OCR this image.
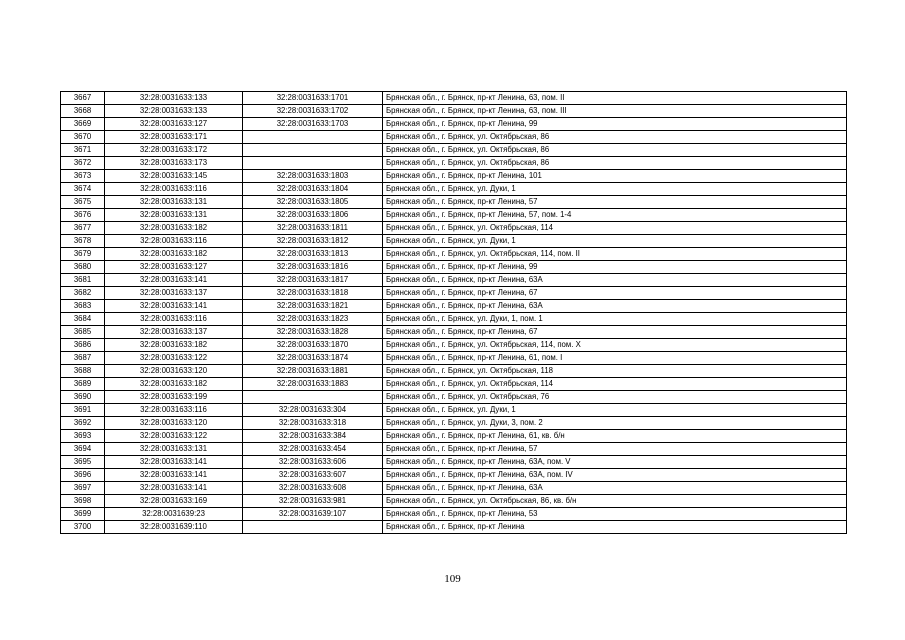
3667	32:28:0031633:133	32:28:0031633:1701	Брянская обл., г. Брянск, пр-кт Ленина, 63, пом. II
3668	32:28:0031633:133	32:28:0031633:1702	Брянская обл., г. Брянск, пр-кт Ленина, 63, пом. III
3669	32:28:0031633:127	32:28:0031633:1703	Брянская обл., г. Брянск, пр-кт Ленина, 99
3670	32:28:0031633:171		Брянская обл., г. Брянск, ул. Октябрьская, 86
3671	32:28:0031633:172		Брянская обл., г. Брянск, ул. Октябрьская, 86
3672	32:28:0031633:173		Брянская обл., г. Брянск, ул. Октябрьская, 86
3673	32:28:0031633:145	32:28:0031633:1803	Брянская обл., г. Брянск, пр-кт Ленина, 101
3674	32:28:0031633:116	32:28:0031633:1804	Брянская обл., г. Брянск, ул. Дуки, 1
3675	32:28:0031633:131	32:28:0031633:1805	Брянская обл., г. Брянск, пр-кт Ленина, 57
3676	32:28:0031633:131	32:28:0031633:1806	Брянская обл., г. Брянск, пр-кт Ленина, 57, пом. 1-4
3677	32:28:0031633:182	32:28:0031633:1811	Брянская обл., г. Брянск, ул. Октябрьская, 114
3678	32:28:0031633:116	32:28:0031633:1812	Брянская обл., г. Брянск, ул. Дуки, 1
3679	32:28:0031633:182	32:28:0031633:1813	Брянская обл., г. Брянск, ул. Октябрьская, 114, пом. II
3680	32:28:0031633:127	32:28:0031633:1816	Брянская обл., г. Брянск, пр-кт Ленина, 99
3681	32:28:0031633:141	32:28:0031633:1817	Брянская обл., г. Брянск, пр-кт Ленина, 63А
3682	32:28:0031633:137	32:28:0031633:1818	Брянская обл., г. Брянск, пр-кт Ленина, 67
3683	32:28:0031633:141	32:28:0031633:1821	Брянская обл., г. Брянск, пр-кт Ленина, 63А
3684	32:28:0031633:116	32:28:0031633:1823	Брянская обл., г. Брянск, ул. Дуки, 1, пом. 1
3685	32:28:0031633:137	32:28:0031633:1828	Брянская обл., г. Брянск, пр-кт Ленина, 67
3686	32:28:0031633:182	32:28:0031633:1870	Брянская обл., г. Брянск, ул. Октябрьская, 114, пом. X
3687	32:28:0031633:122	32:28:0031633:1874	Брянская обл., г. Брянск, пр-кт Ленина, 61, пом. I
3688	32:28:0031633:120	32:28:0031633:1881	Брянская обл., г. Брянск, ул. Октябрьская, 118
3689	32:28:0031633:182	32:28:0031633:1883	Брянская обл., г. Брянск, ул. Октябрьская, 114
3690	32:28:0031633:199		Брянская обл., г. Брянск, ул. Октябрьская, 76
3691	32:28:0031633:116	32:28:0031633:304	Брянская обл., г. Брянск, ул. Дуки, 1
3692	32:28:0031633:120	32:28:0031633:318	Брянская обл., г. Брянск, ул. Дуки, 3, пом. 2
3693	32:28:0031633:122	32:28:0031633:384	Брянская обл., г. Брянск, пр-кт Ленина, 61, кв. б/н
3694	32:28:0031633:131	32:28:0031633:454	Брянская обл., г. Брянск, пр-кт Ленина, 57
3695	32:28:0031633:141	32:28:0031633:606	Брянская обл., г. Брянск, пр-кт Ленина, 63А, пом. V
3696	32:28:0031633:141	32:28:0031633:607	Брянская обл., г. Брянск, пр-кт Ленина, 63А, пом. IV
3697	32:28:0031633:141	32:28:0031633:608	Брянская обл., г. Брянск, пр-кт Ленина, 63А
3698	32:28:0031633:169	32:28:0031633:981	Брянская обл., г. Брянск, ул. Октябрьская, 86, кв. б/н
3699	32:28:0031639:23	32:28:0031639:107	Брянская обл., г. Брянск, пр-кт Ленина, 53
3700	32:28:0031639:110		Брянская обл., г. Брянск, пр-кт Ленина
109
